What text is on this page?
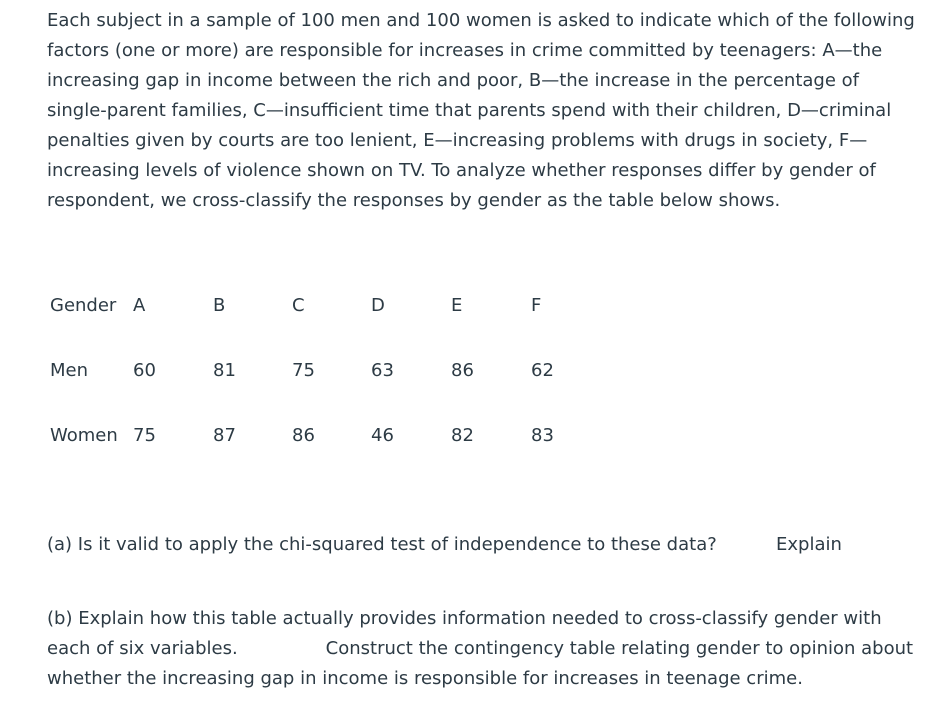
Each subject in a sample of 100 men and 100 women is asked to indicate which of the following factors (one or more) are responsible for increases in crime committed by teenagers: A—the increasing gap in income between the rich and poor, B—the increase in the percentage of single-parent families, C—insufficient time that parents spend with their children, D—criminal penalties given by courts are too lenient, E—increasing problems with drugs in society, F—increasing levels of violence shown on TV. To analyze whether responses differ by gender of respondent, we cross-classify the responses by gender as the table below shows.

Gender A	B	C	D	E	F
Men 60	81	75	63	86	62
Women 75	87	86	46	82	83

(a) Is it valid to apply the chi-squared test of independence to these data?	Explain

(b) Explain how this table actually provides information needed to cross-classify gender with each of six variables.	Construct the contingency table relating gender to opinion about whether the increasing gap in income is responsible for increases in teenage crime.
